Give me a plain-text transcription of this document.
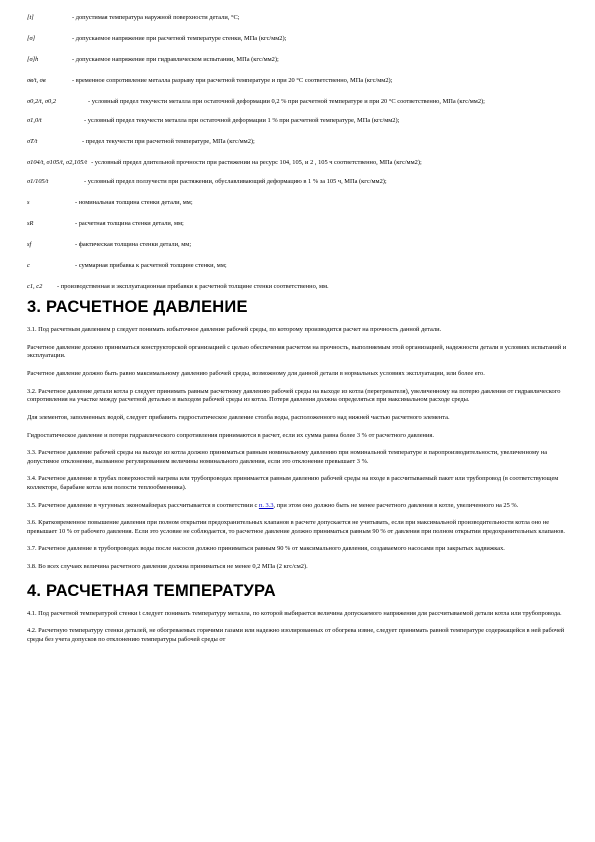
[t]	- допустимая температура наружной поверхности детали, °С;
[σ]	- допускаемое напряжение при расчетной температуре стенки, МПа (кгс/мм2);
[σ]h	- допускаемое напряжение при гидравлическом испытании, МПа (кгс/мм2);
σв/t, σв	- временное сопротивление металла разрыву при расчетной температуре и при 20 °С соответственно, МПа (кгс/мм2);
σ0,2/t, σ0,2	- условный предел текучести металла при остаточной деформации 0,2 % при расчетной температуре и при 20 °С соответственно, МПа (кгс/мм2);
σ1,0/t	- условный предел текучести металла при остаточной деформации 1 % при расчетной температуре, МПа (кгс/мм2);
σT/t	- предел текучести при расчетной температуре, МПа (кгс/мм2);
σ104/t, σ105/t, σ2,105/t - условный предел длительной прочности при растяжении на ресурс 104, 105, и 2 , 105 ч соответственно, МПа (кгс/мм2);
σ1/105/t	- условный предел ползучести при растяжении, обуславливающий деформацию в 1 % за 105 ч, МПа (кгс/мм2);
s	- номинальная толщина стенки детали, мм;
sR	- расчетная толщина стенки детали, мм;
sf	- фактическая толщина стенки детали, мм;
c	- суммарная прибавка к расчетной толщине стенки, мм;
c1, c2 - производственная и эксплуатационная прибавки к расчетной толщине стенки соответственно, мм.
3. РАСЧЕТНОЕ ДАВЛЕНИЕ

3.1. Под расчетным давлением p следует понимать избыточное давление рабочей среды, по которому производится расчет на прочность данной детали.

Расчетное давление должно приниматься конструкторской организацией с целью обеспечения расчетом на прочность, выполняемым этой организацией, надежности детали в условиях испытаний и эксплуатации.

Расчетное давление должно быть равно максимальному давлению рабочей среды, возможному для данной детали в нормальных условиях эксплуатации, или более его.

3.2. Расчетное давление детали котла p следует принимать равным расчетному давлению рабочей среды на выходе из котла (перегревателя), увеличенному на потерю давления от гидравлического сопротивления на участке между расчетной деталью и выходом рабочей среды из котла. Потеря давления должна определяться при максимальном расходе среды.

Для элементов, заполненных водой, следует прибавить гидростатическое давление столба воды, расположенного над нижней частью расчетного элемента.

Гидростатическое давление и потери гидравлического сопротивления принимаются в расчет, если их сумма равна более 3 % от расчетного давления.

3.3. Расчетное давление рабочей среды на выходе из котла должно приниматься равным номинальному давлению при номинальной температуре и паропроизводительности, увеличенному на допустимое отклонение, вызванное регулированием величины номинального давления, если это отклонение превышает 3 %.

3.4. Расчетное давление в трубах поверхностей нагрева или трубопроводах принимается равным давлению рабочей среды на входе в рассчитываемый пакет или трубопровод (в соответствующем коллекторе, барабане котла или полости теплообменника).

3.5. Расчетное давление в чугунных экономайзерах рассчитывается в соответствии с п. 3.3, при этом оно должно быть не менее расчетного давления в котле, увеличенного на 25 %.

3.6. Кратковременное повышение давления при полном открытии предохранительных клапанов в расчете допускается не учитывать, если при максимальной производительности котла оно не превышает 10 % от рабочего давления. Если это условие не соблюдается, то расчетное давление должно приниматься равным 90 % от давления при полном открытии предохранительных клапанов.

3.7. Расчетное давление в трубопроводах воды после насосов должно приниматься равным 90 % от максимального давления, создаваемого насосами при закрытых задвижках.

3.8. Во всех случаях величина расчетного давления должна приниматься не менее 0,2 МПа (2 кгс/см2).

4. РАСЧЕТНАЯ ТЕМПЕРАТУРА

4.1. Под расчетной температурой стенки t следует понимать температуру металла, по которой выбирается величина допускаемого напряжения для рассчитываемой детали котла или трубопровода.

4.2. Расчетную температуру стенки деталей, не обогреваемых горячими газами или надежно изолированных от обогрева извне, следует принимать равной температуре содержащейся в ней рабочей среды без учета допусков по отклонению температуры рабочей среды от
